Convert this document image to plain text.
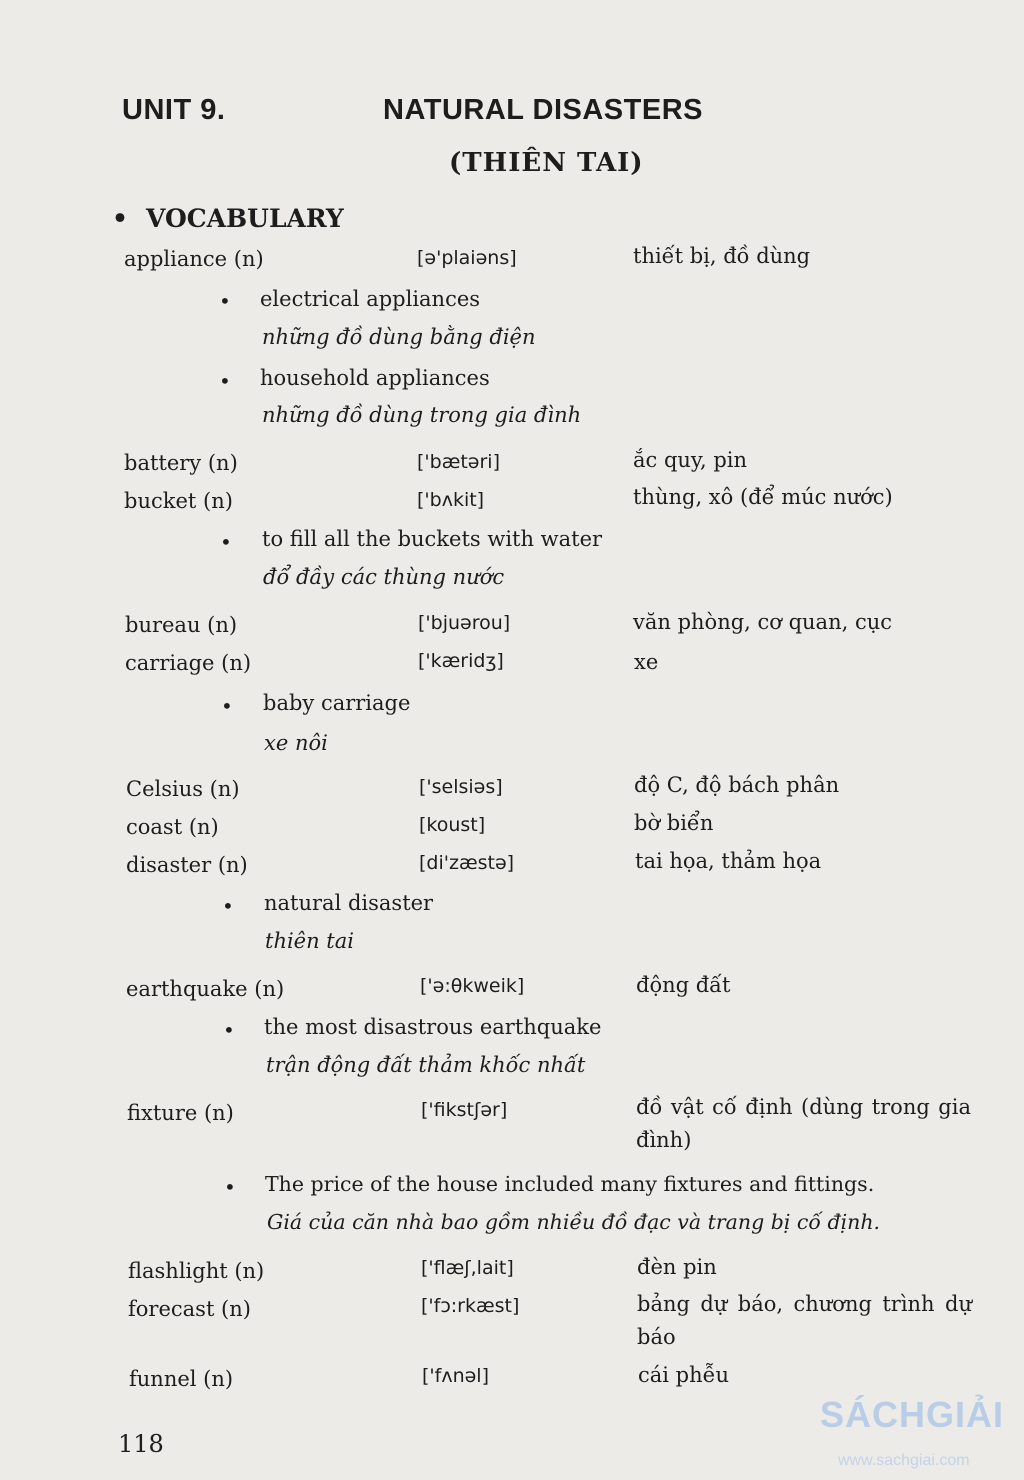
UNIT 9.	NATURAL DISASTERS
(THIÊN TAI)
• VOCABULARY
appliance (n)	[ə'plaiəns]	thiết bị, đồ dùng
• electrical appliances
những đồ dùng bằng điện
• household appliances
những đồ dùng trong gia đình
battery (n)	['bætəri]	ắc quy, pin
bucket (n)	['bʌkit]	thùng, xô (để múc nước)
• to fill all the buckets with water
đổ đầy các thùng nước
bureau (n)	['bjuərou]	văn phòng, cơ quan, cục
carriage (n)	['kæridʒ]	xe
• baby carriage
xe nôi
Celsius (n)	['selsiəs]	độ C, độ bách phân
coast (n)	[koust]	bờ biển
disaster (n)	[di'zæstə]	tai họa, thảm họa
• natural disaster
thiên tai
earthquake (n)	['ə:θkweik]	động đất
• the most disastrous earthquake
trận động đất thảm khốc nhất
fixture (n)	['fikstʃər]	đồ vật cố định (dùng trong gia đình)
• The price of the house included many fixtures and fittings.
Giá của căn nhà bao gồm nhiều đồ đạc và trang bị cố định.
flashlight (n)	['flæʃ,lait]	đèn pin
forecast (n)	['fɔ:rkæst]	bảng dự báo, chương trình dự báo
funnel (n)	['fʌnəl]	cái phễu
118
SÁCHGIẢI
www.sachgiai.com
